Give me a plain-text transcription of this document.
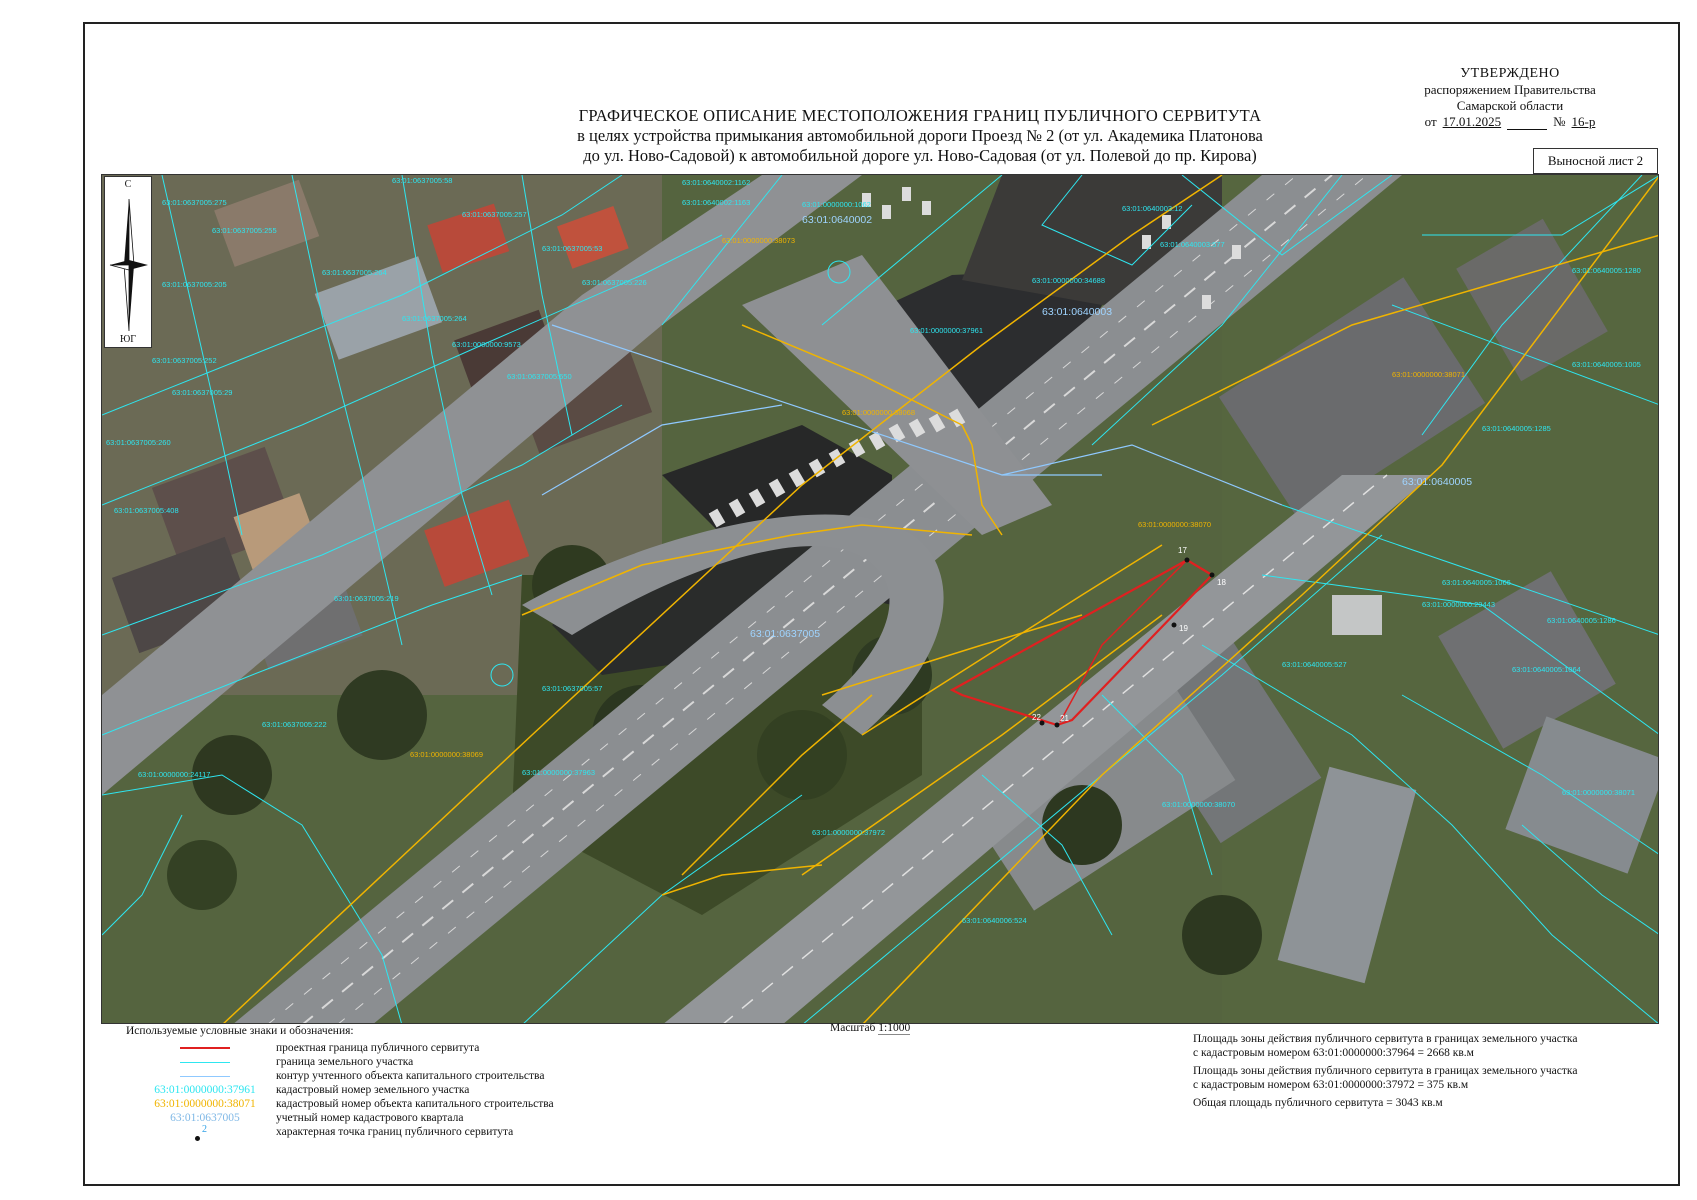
УТВЕРЖДЕНО
распоряжением Правительства
Самарской области
от 17.01.2025	№ 16-р
ГРАФИЧЕСКОЕ ОПИСАНИЕ МЕСТОПОЛОЖЕНИЯ ГРАНИЦ ПУБЛИЧНОГО СЕРВИТУТА
в целях устройства примыкания автомобильной дороги Проезд № 2 (от ул. Академика Платонова
до ул. Ново-Садовой) к автомобильной дороге ул. Ново-Садовая (от ул. Полевой до пр. Кирова)	Выносной лист 2
17
18
19
21
22
63:01:0637005:58	63:01:0640002:1162
63:01:0640002:1163	63:01:0000000:1062
63:01:0637005:275
63:01:0637005:255
63:01:0637005:257
63:01:0637005:53
63:01:0637005:205
63:01:0637005:264
63:01:0637005:226
63:01:0637005:264
63:01:0000000:9573
63:01:0637005:650
63:01:0637005:252
63:01:0637005:29
63:01:0637005:260
63:01:0637005:408
63:01:0637005:219
63:01:0637005:222
63:01:0637005:57
63:01:0000000:24117
63:01:0000000:37961
63:01:0000000:37963
63:01:0000000:37972
63:01:0000000:34688
63:01:0640003:577
63:01:0640003:12
63:01:0640005:1280
63:01:0640005:1005
63:01:0640005:1285
63:01:0640005:1066
63:01:0000000:29443
63:01:0640005:1286
63:01:0640005:1064
63:01:0640005:527
63:01:0000000:38071
63:01:0640006:524
63:01:0000000:38070
63:01:0000000:38071
63:01:0000000:38070
63:01:0000000:38069
63:01:0000000:38068
63:01:0000000:38073
63:01:0640002
63:01:0640003
63:01:0637005
63:01:0640005
С
ЮГ
Масштаб 1:1000
Используемые условные знаки и обозначения:
проектная граница публичного сервитута
граница земельного участка
контур учтенного объекта капитального строительства
63:01:0000000:37961	кадастровый номер земельного участка
63:01:0000000:38071	кадастровый номер объекта капитального строительства
63:01:0637005	учетный номер кадастрового квартала
2	характерная точка границ публичного сервитута

Площадь зоны действия публичного сервитута в границах земельного участка
с кадастровым номером 63:01:0000000:37964 = 2668 кв.м

Площадь зоны действия публичного сервитута в границах земельного участка
с кадастровым номером 63:01:0000000:37972 = 375 кв.м

Общая площадь публичного сервитута = 3043 кв.м
